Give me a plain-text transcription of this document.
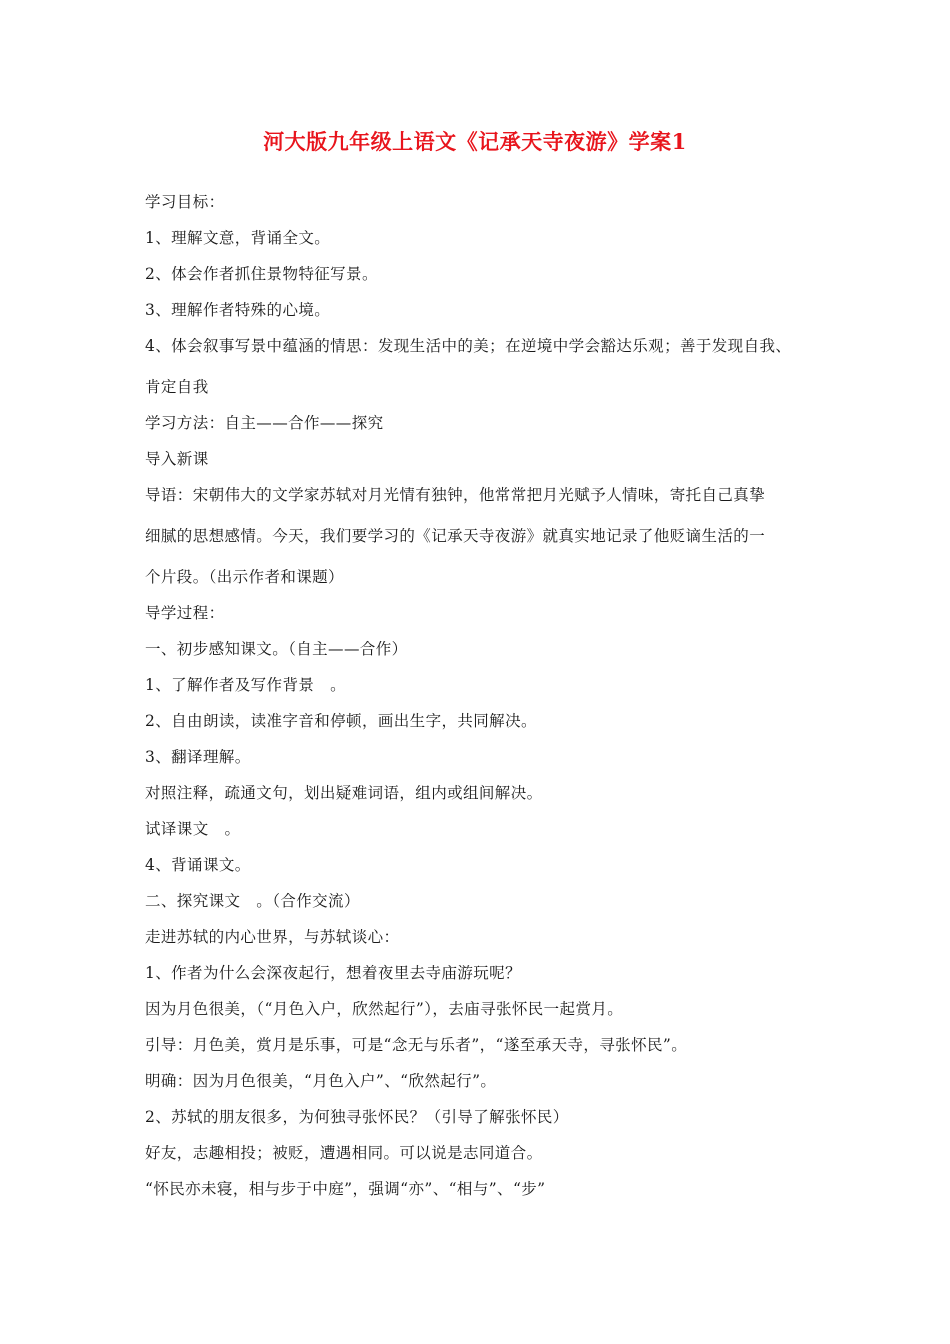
河大版九年级上语文《记承天寺夜游》学案1
学习目标：
1、理解文意，背诵全文。
2、体会作者抓住景物特征写景。
3、理解作者特殊的心境。
4、体会叙事写景中蕴涵的情思：发现生活中的美；在逆境中学会豁达乐观；善于发现自我、
肯定自我
学习方法：自主——合作——探究
导入新课
导语：宋朝伟大的文学家苏轼对月光情有独钟，他常常把月光赋予人情味，寄托自己真挚
细腻的思想感情。今天，我们要学习的《记承天寺夜游》就真实地记录了他贬谪生活的一
个片段。（出示作者和课题）
导学过程：
一、初步感知课文。（自主——合作）
1、了解作者及写作背景　。
2、自由朗读，读准字音和停顿，画出生字，共同解决。
3、翻译理解。
对照注释，疏通文句，划出疑难词语，组内或组间解决。
试译课文　。
4、背诵课文。
二、探究课文　。（合作交流）
走进苏轼的内心世界，与苏轼谈心：
1、作者为什么会深夜起行，想着夜里去寺庙游玩呢？
因为月色很美，（“月色入户，欣然起行”），去庙寻张怀民一起赏月。
引导：月色美，赏月是乐事，可是“念无与乐者”，“遂至承天寺，寻张怀民”。
明确：因为月色很美，“月色入户”、“欣然起行”。
2、苏轼的朋友很多，为何独寻张怀民？（引导了解张怀民）
好友，志趣相投；被贬，遭遇相同。可以说是志同道合。
“怀民亦未寝，相与步于中庭”，强调“亦”、“相与”、“步”
